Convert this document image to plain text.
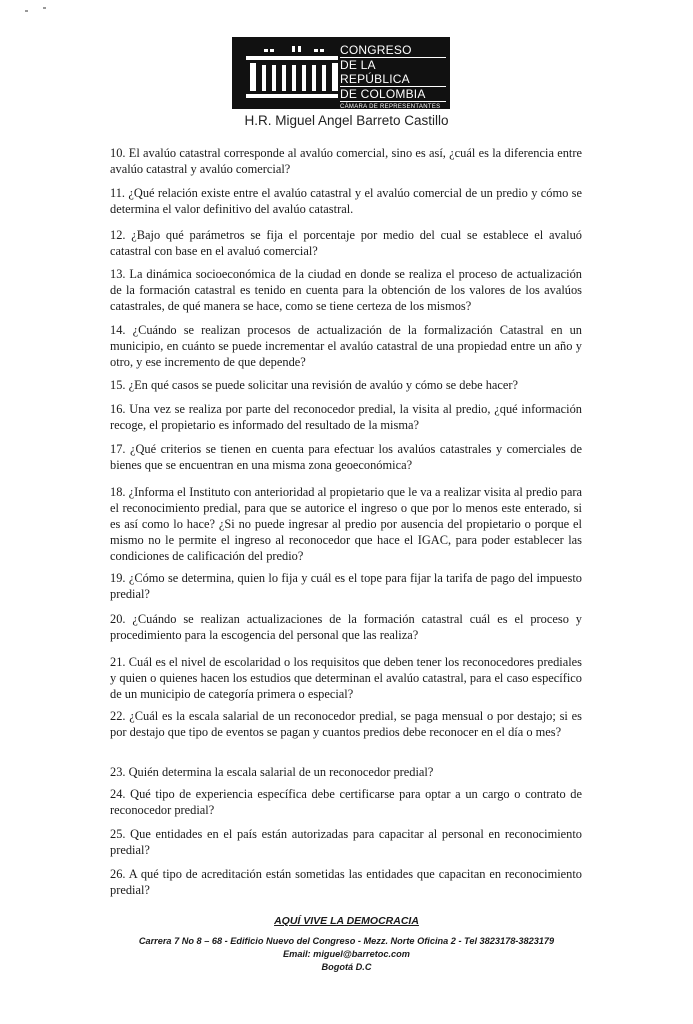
CONGRESO
DE LA REPÚBLICA
DE COLOMBIA
CÁMARA DE REPRESENTANTES
H.R. Miguel Angel Barreto Castillo

10. El avalúo catastral corresponde al avalúo comercial, sino es así, ¿cuál es la diferencia entre avalúo catastral y avalúo comercial?

11. ¿Qué relación existe entre el avalúo catastral y el avalúo comercial de un predio y cómo se determina el valor definitivo del avalúo catastral.

12. ¿Bajo qué parámetros se fija el porcentaje por medio del cual se establece el avaluó catastral con base en el avaluó comercial?

13. La dinámica socioeconómica de la ciudad en donde se realiza el proceso de actualización de la formación catastral es tenido en cuenta para la obtención de los valores de los avalúos catastrales, de qué manera se hace, como se tiene certeza de los mismos?

14. ¿Cuándo se realizan procesos de actualización de la formalización Catastral en un municipio, en cuánto se puede incrementar el avalúo catastral de una propiedad entre un año y otro, y ese incremento de que depende?

15. ¿En qué casos se puede solicitar una revisión de avalúo y cómo se debe hacer?

16. Una vez se realiza por parte del reconocedor predial, la visita al predio, ¿qué información recoge, el propietario es informado del resultado de la misma?

17. ¿Qué criterios se tienen en cuenta para efectuar los avalúos catastrales y comerciales de bienes que se encuentran en una misma zona geoeconómica?

18. ¿Informa el Instituto con anterioridad al propietario que le va a realizar visita al predio para el reconocimiento predial, para que se autorice el ingreso o que por lo menos este enterado, si es así como lo hace? ¿Si no puede ingresar al predio por ausencia del propietario o porque el mismo no le permite el ingreso al reconocedor que hace el IGAC, para poder establecer las condiciones de calificación del predio?

19. ¿Cómo se determina, quien lo fija y cuál es el tope para fijar la tarifa de pago del impuesto predial?

20. ¿Cuándo se realizan actualizaciones de la formación catastral cuál es el proceso y procedimiento para la escogencia del personal que las realiza?

21. Cuál es el nivel de escolaridad o los requisitos que deben tener los reconocedores prediales y quien o quienes hacen los estudios que determinan el avalúo catastral, para el caso específico de un municipio de categoría primera o especial?

22. ¿Cuál es la escala salarial de un reconocedor predial, se paga mensual o por destajo; si es por destajo que tipo de eventos se pagan y cuantos predios debe reconocer en el día o mes?

23. Quién determina la escala salarial de un reconocedor predial?

24. Qué tipo de experiencia específica debe certificarse para optar a un cargo o contrato de reconocedor predial?

25. Que entidades en el país están autorizadas para capacitar al personal en reconocimiento predial?

26. A qué tipo de acreditación están sometidas las entidades que capacitan en reconocimiento predial?

AQUÍ VIVE LA DEMOCRACIA
Carrera 7 No 8 – 68 - Edificio Nuevo del Congreso - Mezz. Norte Oficina 2 - Tel 3823178-3823179
Email: miguel@barretoc.com
Bogotá D.C
